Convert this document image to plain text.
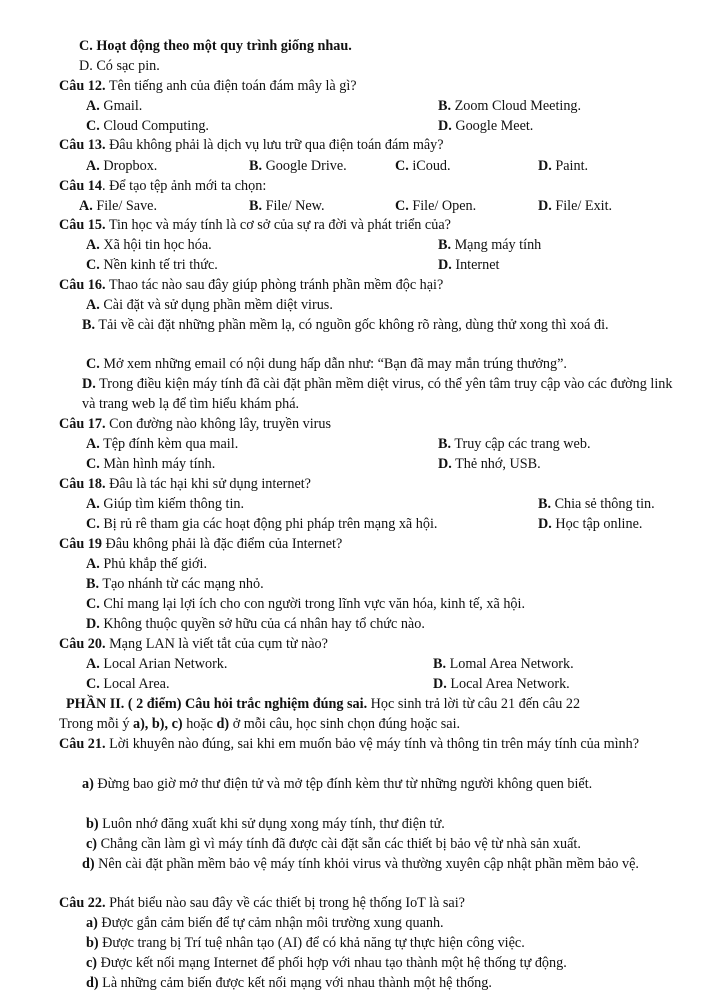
C. Hoạt động theo một quy trình giống nhau.
D. Có sạc pin.
Câu 12. Tên tiếng anh của điện toán đám mây là gì?
A. Gmail.	B. Zoom Cloud Meeting.
C. Cloud Computing.	D. Google Meet.
Câu 13. Đâu không phải là dịch vụ lưu trữ qua điện toán đám mây?
A. Dropbox.	B. Google Drive.	C. iCoud.	D. Paint.
Câu 14. Để tạo tệp ảnh mới ta chọn:
A. File/ Save.	B. File/ New.	C. File/ Open.	D. File/ Exit.
Câu 15. Tin học và máy tính là cơ sở của sự ra đời và phát triển của?
A. Xã hội tin học hóa.	B. Mạng máy tính
C. Nền kinh tế tri thức.	D. Internet
Câu 16. Thao tác nào sau đây giúp phòng tránh phần mềm độc hại?
A. Cài đặt và sử dụng phần mềm diệt virus.
B. Tải về cài đặt những phần mềm lạ, có nguồn gốc không rõ ràng, dùng thử xong thì xoá đi.
C. Mở xem những email có nội dung hấp dẫn như: “Bạn đã may mắn trúng thưởng”.
D. Trong điều kiện máy tính đã cài đặt phần mềm diệt virus, có thể yên tâm truy cập vào các đường link và trang web lạ để tìm hiểu khám phá.
Câu 17. Con đường nào không lây, truyền virus
A. Tệp đính kèm qua mail.	B. Truy cập các trang web.
C. Màn hình máy tính.	D. Thẻ nhớ, USB.
Câu 18. Đâu là tác hại khi sử dụng internet?
A. Giúp tìm kiếm thông tin.	B. Chia sẻ thông tin.
C. Bị rủ rê tham gia các hoạt động phi pháp trên mạng xã hội.	D. Học tập online.
Câu 19 Đâu không phải là đặc điểm của Internet?
A. Phủ khắp thế giới.
B. Tạo nhánh từ các mạng nhỏ.
C. Chỉ mang lại lợi ích cho con người trong lĩnh vực văn hóa, kinh tế, xã hội.
D. Không thuộc quyền sở hữu của cá nhân hay tổ chức nào.
Câu 20. Mạng LAN là viết tắt của cụm từ nào?
A. Local Arian Network.	B. Lomal Area Network.
C. Local Area.	D. Local Area Network.
PHẦN II. ( 2 điểm) Câu hỏi trắc nghiệm đúng sai. Học sinh trả lời từ câu 21 đến câu 22
Trong mỗi ý a), b), c) hoặc d) ở mỗi câu, học sinh chọn đúng hoặc sai.
Câu 21. Lời khuyên nào đúng, sai khi em muốn bảo vệ máy tính và thông tin trên máy tính của mình?
a) Đừng bao giờ mở thư điện tử và mở tệp đính kèm thư từ những người không quen biết.
b) Luôn nhớ đăng xuất khi sử dụng xong máy tính, thư điện tử.
c) Chẳng cần làm gì vì máy tính đã được cài đặt sẵn các thiết bị bảo vệ từ nhà sản xuất.
d) Nên cài đặt phần mềm bảo vệ máy tính khỏi virus và thường xuyên cập nhật phần mềm bảo vệ.
Câu 22. Phát biểu nào sau đây về các thiết bị trong hệ thống IoT là sai?
a) Được gắn cảm biến để tự cảm nhận môi trường xung quanh.
b) Được trang bị Trí tuệ nhân tạo (AI) để có khả năng tự thực hiện công việc.
c) Được kết nối mạng Internet để phối hợp với nhau tạo thành một hệ thống tự động.
d) Là những cảm biến được kết nối mạng với nhau thành một hệ thống.
